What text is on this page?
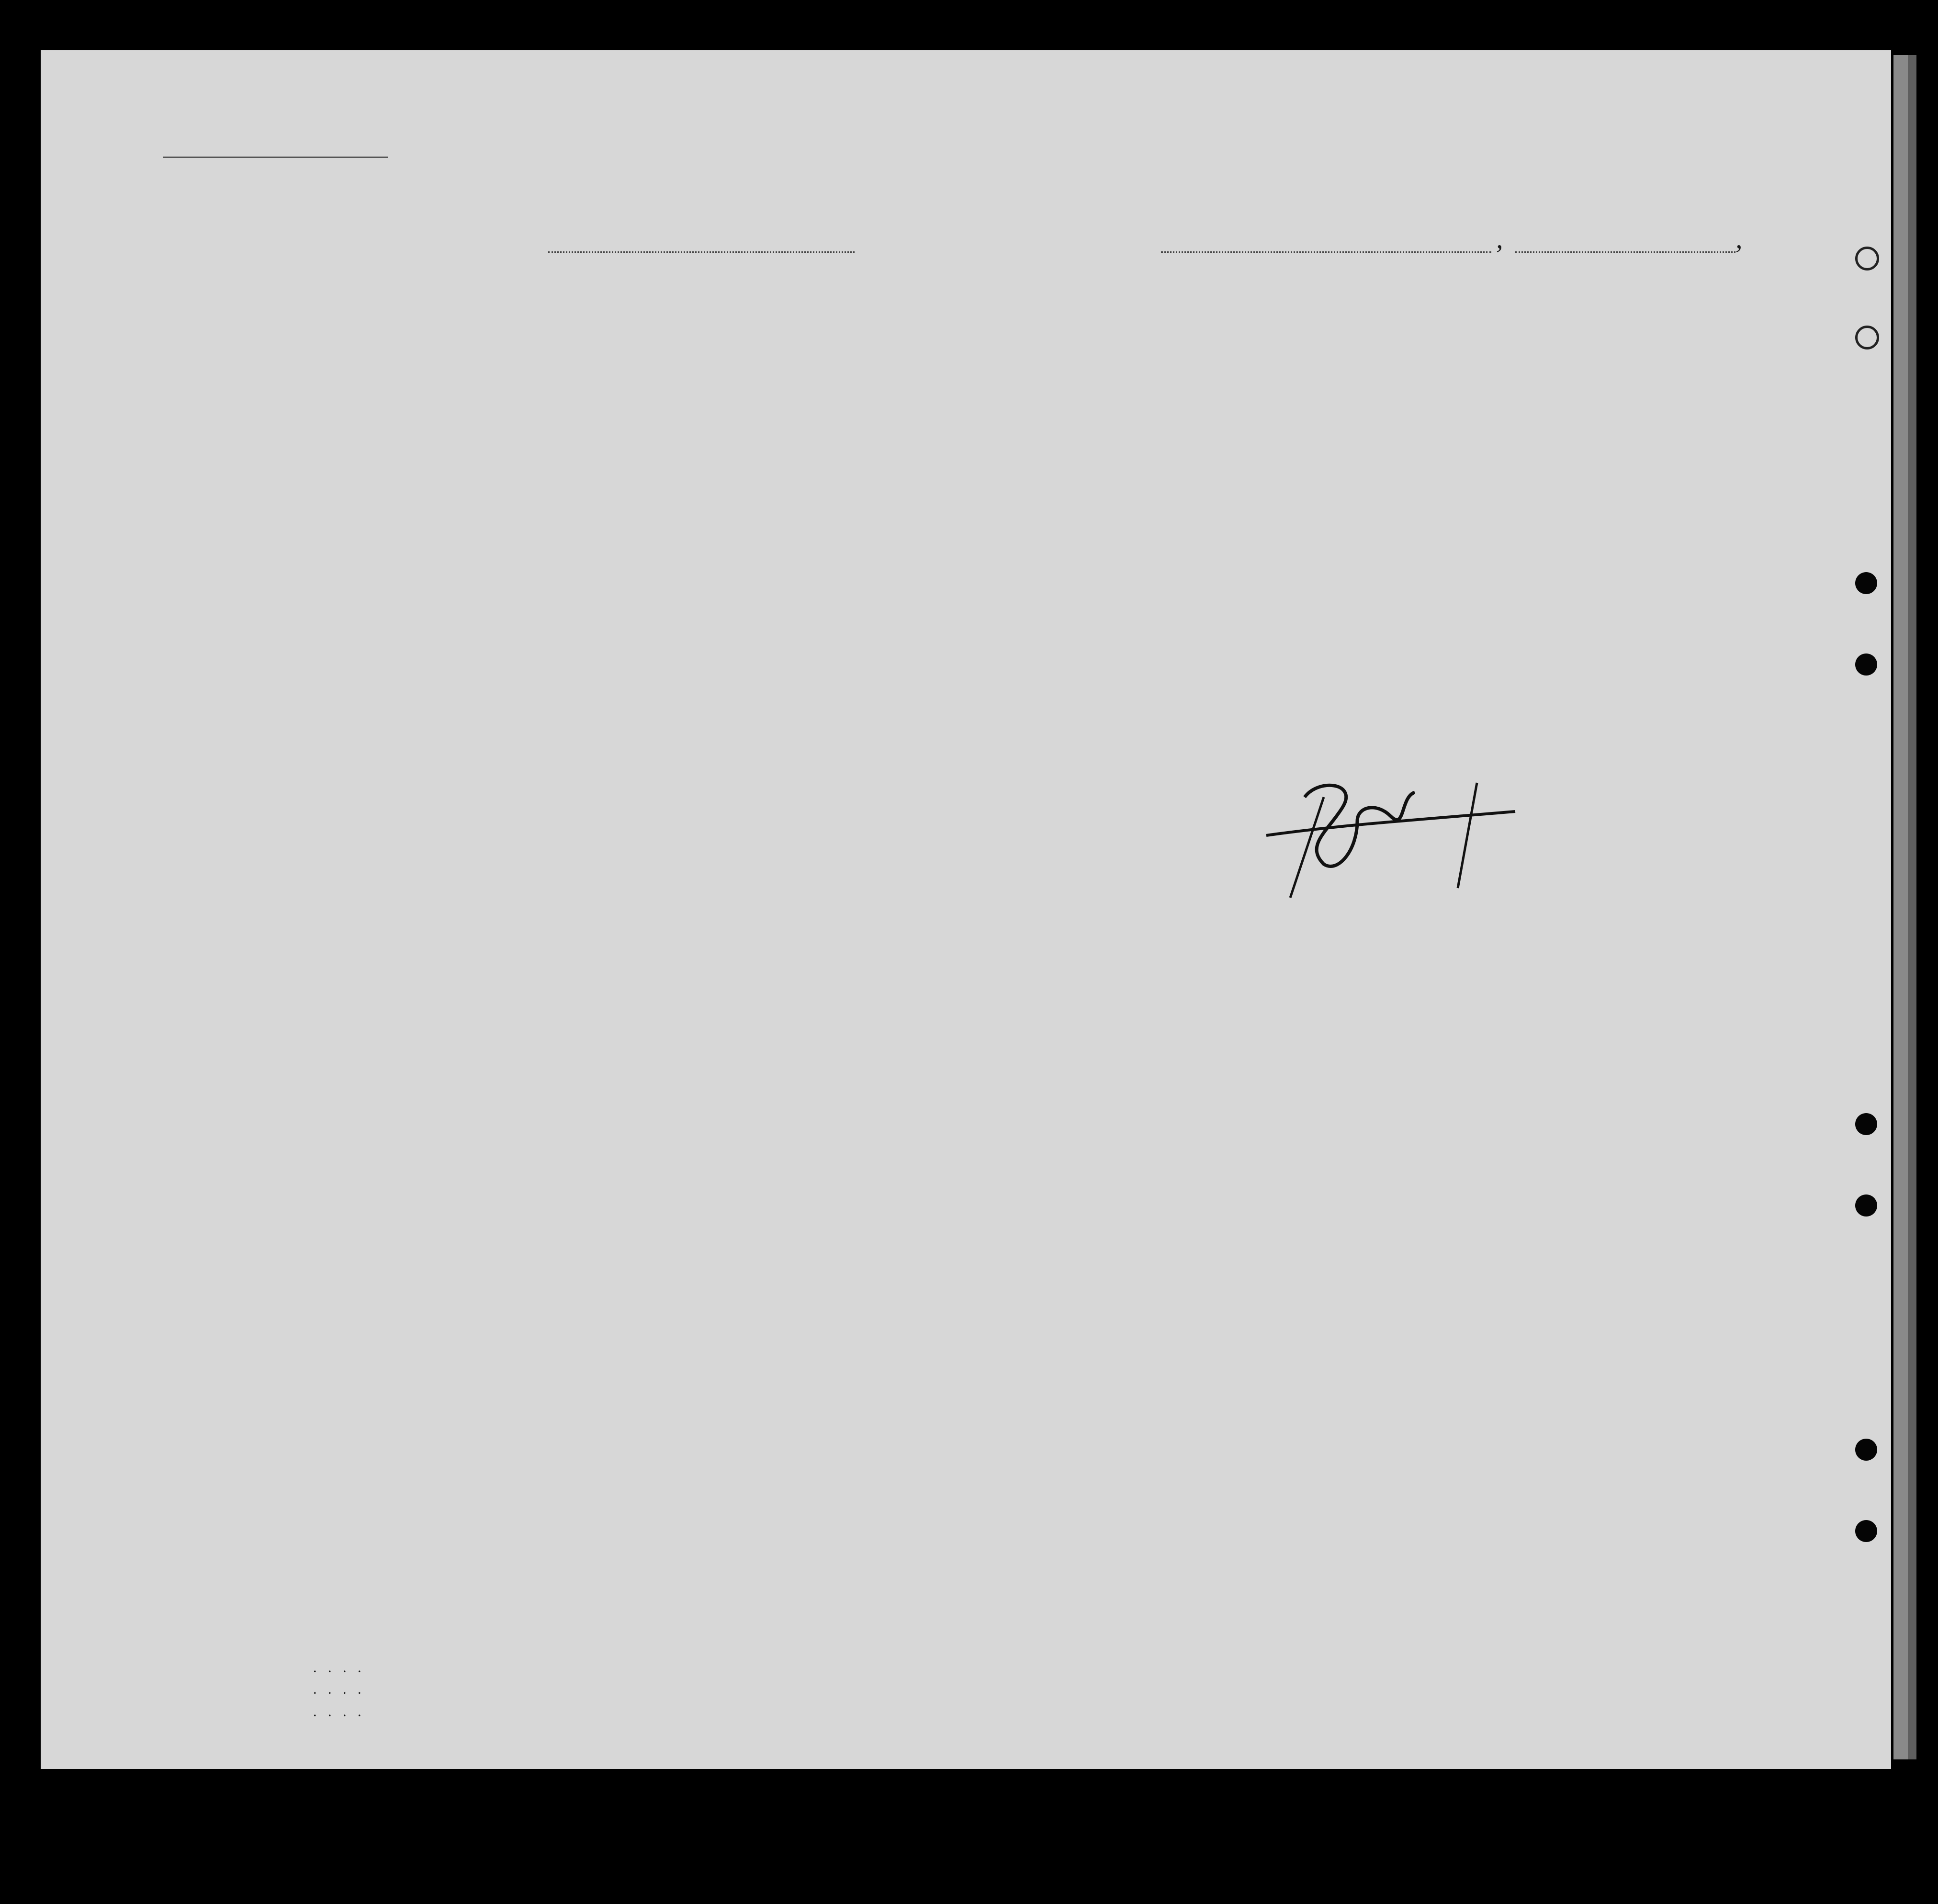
,	,
. . . .
. . . .
. . . .
